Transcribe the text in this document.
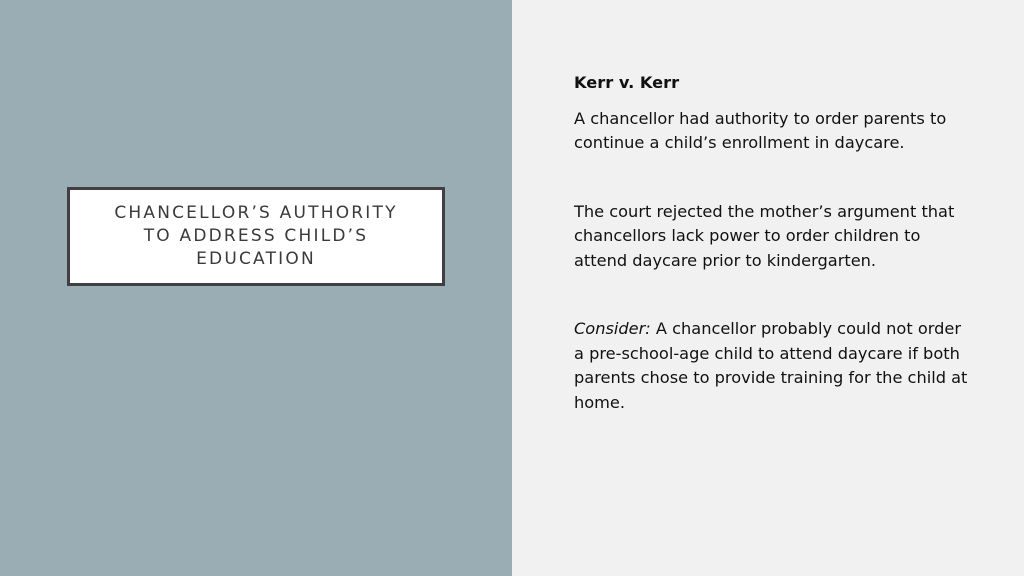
CHANCELLOR’S AUTHORITY
TO ADDRESS CHILD’S
EDUCATION
Kerr v. Kerr

A chancellor had authority to order parents to continue a child’s enrollment in daycare.

The court rejected the mother’s argument that chancellors lack power to order children to attend daycare prior to kindergarten.

Consider: A chancellor probably could not order a pre-school-age child to attend daycare if both parents chose to provide training for the child at home.
